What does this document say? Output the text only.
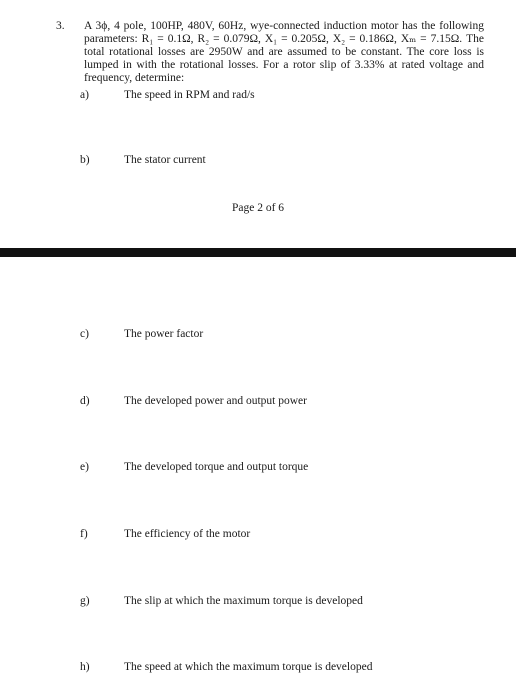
3. A 3ϕ, 4 pole, 100HP, 480V, 60Hz, wye-connected induction motor has the following parameters: R₁ = 0.1Ω, R₂ = 0.079Ω, X₁ = 0.205Ω, X₂ = 0.186Ω, Xₘ = 7.15Ω. The total rotational losses are 2950W and are assumed to be constant. The core loss is lumped in with the rotational losses. For a rotor slip of 3.33% at rated voltage and frequency, determine:
a)	The speed in RPM and rad/s
b)	The stator current
Page 2 of 6
c)	The power factor
d)	The developed power and output power
e)	The developed torque and output torque
f)	The efficiency of the motor
g)	The slip at which the maximum torque is developed
h)	The speed at which the maximum torque is developed
